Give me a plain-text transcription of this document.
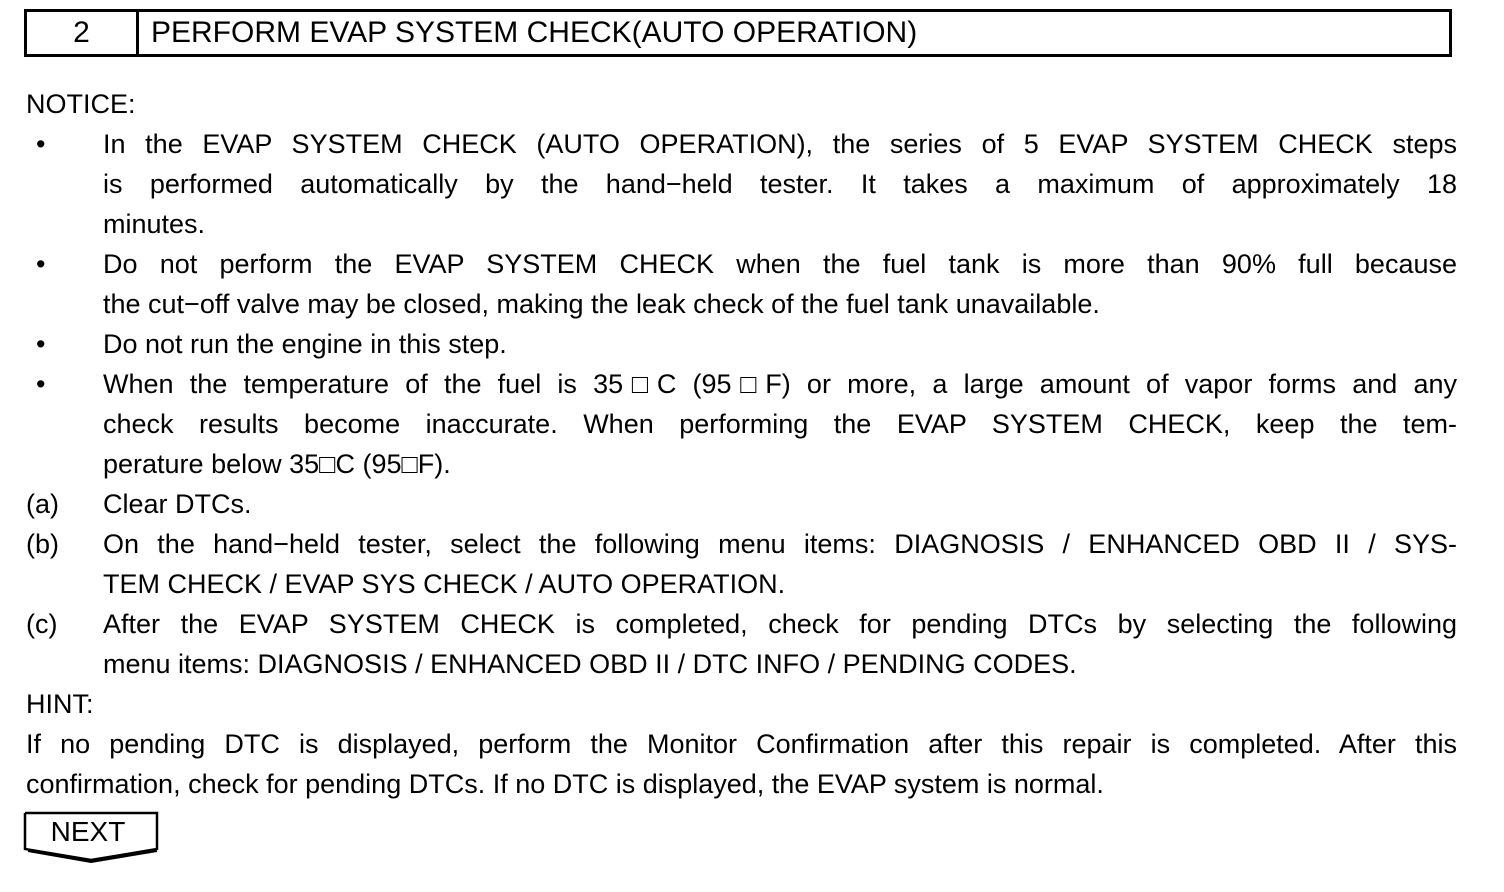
2	PERFORM EVAP SYSTEM CHECK(AUTO OPERATION)
NOTICE:
•	In the EVAP SYSTEM CHECK (AUTO OPERATION), the series of 5 EVAP SYSTEM CHECK steps
is performed automatically by the hand−held tester. It takes a maximum of approximately 18
minutes.
•	Do not perform the EVAP SYSTEM CHECK when the fuel tank is more than 90% full because
the cut−off valve may be closed, making the leak check of the fuel tank unavailable.
•	Do not run the engine in this step.
•	When the temperature of the fuel is 35□C (95□F) or more, a large amount of vapor forms and any
check results become inaccurate. When performing the EVAP SYSTEM CHECK, keep the tem-
perature below 35□C (95□F).
(a)	Clear DTCs.
(b)	On the hand−held tester, select the following menu items: DIAGNOSIS / ENHANCED OBD II / SYS-
TEM CHECK / EVAP SYS CHECK / AUTO OPERATION.
(c)	After the EVAP SYSTEM CHECK is completed, check for pending DTCs by selecting the following
menu items: DIAGNOSIS / ENHANCED OBD II / DTC INFO / PENDING CODES.
HINT:
If no pending DTC is displayed, perform the Monitor Confirmation after this repair is completed. After this
confirmation, check for pending DTCs. If no DTC is displayed, the EVAP system is normal.
NEXT
